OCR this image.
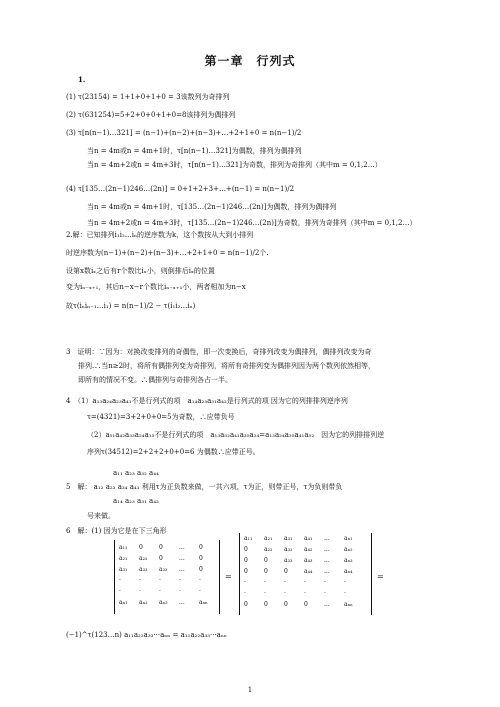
第一章　行列式
1.
(1) τ(23154) = 1+1+0+1+0 = 3该数列为奇排列
(2) τ(631254)=5+2+0+0+1+0=8该排列为偶排列
(3) τ[n(n−1)…321] = (n−1)+(n−2)+(n−3)+…+2+1+0 = n(n−1)/2
当n = 4m或n = 4m+1时，τ[n(n−1)…321]为偶数，排列为偶排列
当n = 4m+2或n = 4m+3时，τ[n(n−1)…321]为奇数，排列为奇排列（其中m = 0,1,2…）
(4) τ[135…(2n−1)246…(2n)] = 0+1+2+3+…+(n−1) = n(n−1)/2
当n = 4m或n = 4m+1时，τ[135…(2n−1)246…(2n)]为偶数，排列为偶排列
当n = 4m+2或n = 4m+3时，τ[135…(2n−1)246…(2n)]为奇数，排列为奇排列（其中m = 0,1,2…）
2.解：已知排列i₁i₂…iₙ的逆序数为k，这个数按从大到小排列
时逆序数为(n−1)+(n−2)+(n−3)+…+2+1+0 = n(n−1)/2个.
设第x数iₓ之后有r个数比iₓ小，则倒排后iₓ的位置
变为iₙ₋ₓ₊₁，其后n−x−r个数比iₙ₋ₓ₊₁小，两者相加为n−x
故τ(iₙiₙ₋₁…i₁) = n(n−1)/2 − τ(i₁i₂…iₙ)
3　证明：∵因为：对换改变排列的奇偶性，即一次变换后，奇排列改变为偶排列，偶排列改变为奇
排列.∴当n≥2时，将所有偶排列变为奇排列，将所有奇排列变为偶排列因为两个数列依然相等，
即所有的情况不变。∴偶排列与奇排列各占一半。
4　（1）a₁₃a₂₄a₂₃a₄₁不是行列式的项　a₁₄a₂₃a₃₁a₄₂是行列式的项 因为它的列排排列逆序列
τ=(4321)=3+2+0+0=5为奇数，∴应带负号
（2）a₅₁a₄₂a₃₃a₂₄a₁₅不是行列式的项　a₁₃a₅₂a₄₁a₃₅a₂₄=a₁₃a₂₄a₃₅a₄₁a₅₂　因为它的列排排列逆
序列τ(34512)=2+2+2+0+0=6 为偶数∴应带正号。
a₁₁ a₂₃ a₃₂ a₄₄
5　解： a₁₂ a₂₃ a₃₄ a₄₁ 利用τ为正负数来做，一共六项，τ为正，则带正号，τ为负则带负
a₁₄ a₂₃ a₃₁ a₄₂
号来做。
6　解：(1) 因为它是在下三角形
a₁₁ 0	0	... 0
a₂₁ a₂₂ 0	... 0
a₃₁ a₃₂ a₃₃ ... 0
·	·	·	·	·
·	·	·	·	·
aₙ₁ aₙ₂ aₙ₃ ... aₙₙ
=
a₁₁ a₂₁ a₃₁ a₄₁ ... aₙ₁
0	a₂₂ a₃₂ a₄₂ ... aₙ₂
0	0	a₃₃ a₄₃ ... aₙ₃
0	0	0	a₄₄ ... aₙ₄
·	·	·	·	·	·
·	·	·	·	·	·
0	0	0	0	... aₙₙ
=
(−1)^τ(123…n) a₁₁a₂₂a₃₃···aₙₙ = a₁₁a₂₂a₃₃···aₙₙ
1
